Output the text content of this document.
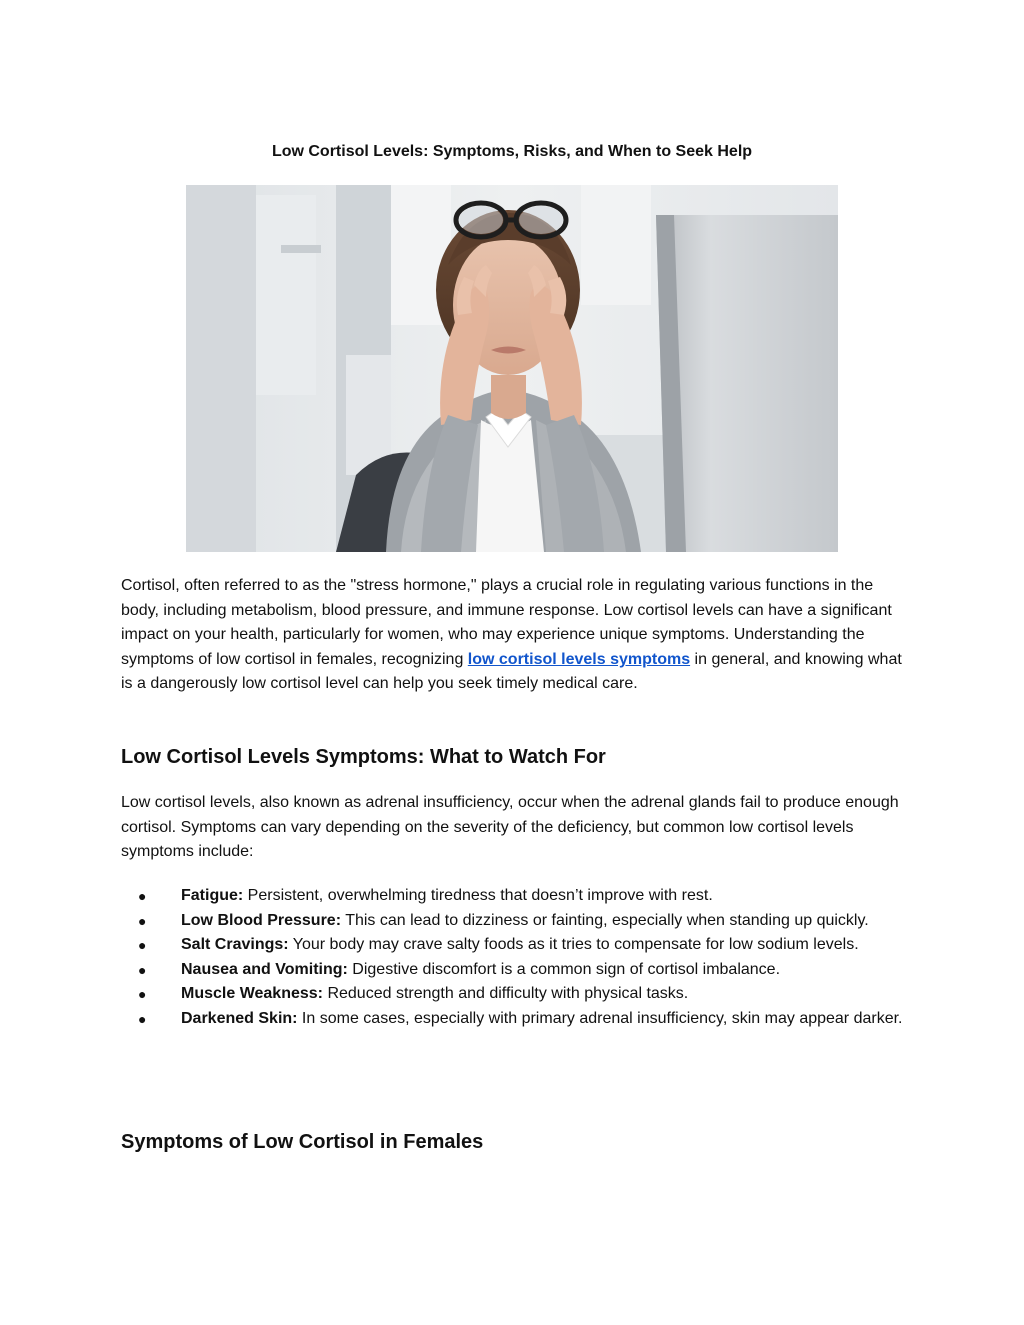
Low Cortisol Levels: Symptoms, Risks, and When to Seek Help

Cortisol, often referred to as the "stress hormone," plays a crucial role in regulating various functions in the body, including metabolism, blood pressure, and immune response. Low cortisol levels can have a significant impact on your health, particularly for women, who may experience unique symptoms. Understanding the symptoms of low cortisol in females, recognizing low cortisol levels symptoms in general, and knowing what is a dangerously low cortisol level can help you seek timely medical care.

Low Cortisol Levels Symptoms: What to Watch For

Low cortisol levels, also known as adrenal insufficiency, occur when the adrenal glands fail to produce enough cortisol. Symptoms can vary depending on the severity of the deficiency, but common low cortisol levels symptoms include:

● Fatigue: Persistent, overwhelming tiredness that doesn’t improve with rest.
● Low Blood Pressure: This can lead to dizziness or fainting, especially when standing up quickly.
● Salt Cravings: Your body may crave salty foods as it tries to compensate for low sodium levels.
● Nausea and Vomiting: Digestive discomfort is a common sign of cortisol imbalance.
● Muscle Weakness: Reduced strength and difficulty with physical tasks.
● Darkened Skin: In some cases, especially with primary adrenal insufficiency, skin may appear darker.
Symptoms of Low Cortisol in Females
